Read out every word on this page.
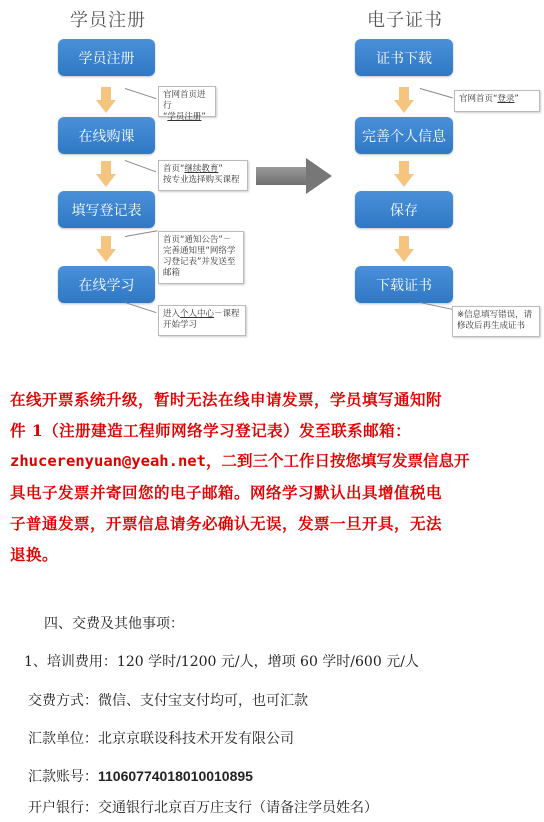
学员注册	电子证书
学员注册
在线购课
填写登记表
在线学习
官网首页进行
“学员注册”
首页“继续教育”
按专业选择购买课程
首页“通知公告”－
完善通知里“网络学
习登记表”并发送至
邮箱
进入个人中心－课程
开始学习
证书下载
完善个人信息
保存
下载证书
官网首页“登录”
※信息填写错误，请
修改后再生成证书
在线开票系统升级，暂时无法在线申请发票，学员填写通知附
件 1（注册建造工程师网络学习登记表）发至联系邮箱：
zhucerenyuan@yeah.net，二到三个工作日按您填写发票信息开
具电子发票并寄回您的电子邮箱。网络学习默认出具增值税电
子普通发票，开票信息请务必确认无误，发票一旦开具，无法
退换。
四、交费及其他事项：
1、培训费用：120 学时/1200 元/人，增项 60 学时/600 元/人
交费方式：微信、支付宝支付均可，也可汇款
汇款单位：北京京联设科技术开发有限公司
汇款账号：11060774018010010895
开户银行：交通银行北京百万庄支行（请备注学员姓名）
